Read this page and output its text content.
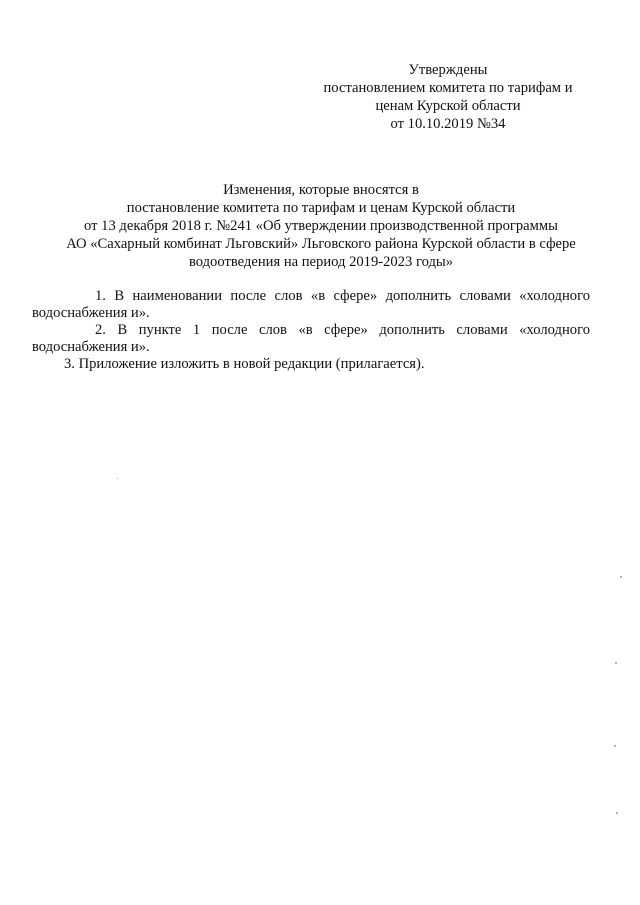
Утверждены
постановлением комитета по тарифам и
ценам Курской области
от 10.10.2019 №34
Изменения, которые вносятся в
постановление комитета по тарифам и ценам Курской области
от 13 декабря 2018 г. №241 «Об утверждении производственной программы
АО «Сахарный комбинат Льговский» Льговского района Курской области в сфере
водоотведения на период 2019-2023 годы»

1. В наименовании после слов «в сфере» дополнить словами «холодного

водоснабжения и».

2. В пункте 1 после слов «в сфере» дополнить словами «холодного

водоснабжения и».

3. Приложение изложить в новой редакции (прилагается).
